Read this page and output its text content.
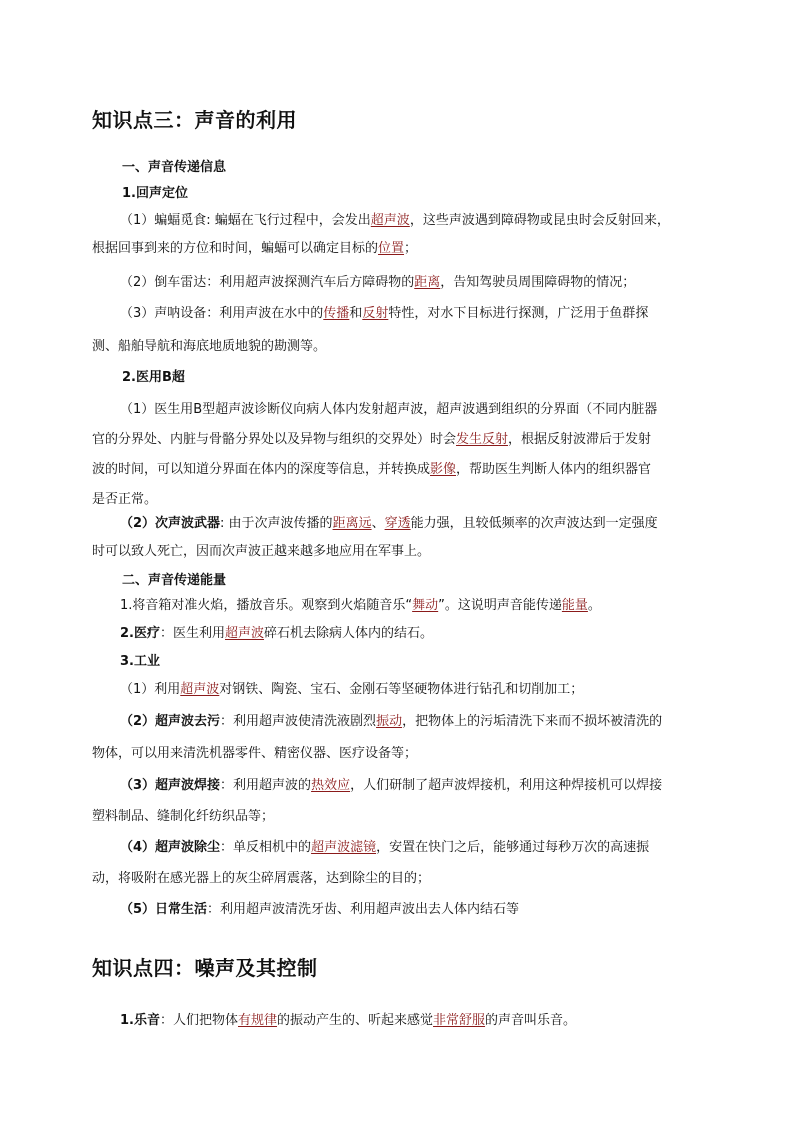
知识点三：声音的利用
一、声音传递信息
1.回声定位
（1）蝙蝠觅食: 蝙蝠在飞行过程中，会发出超声波，这些声波遇到障碍物或昆虫时会反射回来，
根据回事到来的方位和时间，蝙蝠可以确定目标的位置；
（2）倒车雷达：利用超声波探测汽车后方障碍物的距离，告知驾驶员周围障碍物的情况；
（3）声呐设备：利用声波在水中的传播和反射特性，对水下目标进行探测，广泛用于鱼群探
测、船舶导航和海底地质地貌的勘测等。
2.医用B超
（1）医生用B型超声波诊断仪向病人体内发射超声波，超声波遇到组织的分界面（不同内脏器
官的分界处、内脏与骨骼分界处以及异物与组织的交界处）时会发生反射，根据反射波滞后于发射
波的时间，可以知道分界面在体内的深度等信息，并转换成影像，帮助医生判断人体内的组织器官
是否正常。
（2）次声波武器: 由于次声波传播的距离远、穿透能力强，且较低频率的次声波达到一定强度
时可以致人死亡，因而次声波正越来越多地应用在军事上。
二、声音传递能量
1.将音箱对准火焰，播放音乐。观察到火焰随音乐“舞动”。这说明声音能传递能量。
2.医疗：医生利用超声波碎石机去除病人体内的结石。
3.工业
（1）利用超声波对钢铁、陶瓷、宝石、金刚石等坚硬物体进行钻孔和切削加工；
（2）超声波去污：利用超声波使清洗液剧烈振动，把物体上的污垢清洗下来而不损坏被清洗的
物体，可以用来清洗机器零件、精密仪器、医疗设备等；
（3）超声波焊接：利用超声波的热效应，人们研制了超声波焊接机，利用这种焊接机可以焊接
塑料制品、缝制化纤纺织品等；
（4）超声波除尘：单反相机中的超声波滤镜，安置在快门之后，能够通过每秒万次的高速振
动，将吸附在感光器上的灰尘碎屑震落，达到除尘的目的；
（5）日常生活：利用超声波清洗牙齿、利用超声波出去人体内结石等
知识点四：噪声及其控制
1.乐音：人们把物体有规律的振动产生的、听起来感觉非常舒服的声音叫乐音。
